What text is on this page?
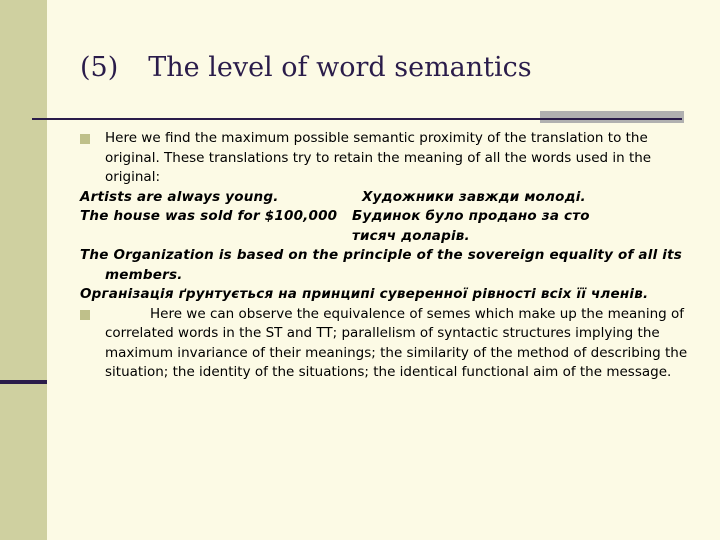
(5) The level of word semantics
Here we find the maximum possible semantic proximity of the translation to the original. These translations try to retain the meaning of all the words used in the original:
Artists are always young.	Художники завжди молоді.
The house was sold for $100,000 Будинок було продано за сто
тисяч доларів.
The Organization is based on the principle of the sovereign equality of all its members.
Організація ґрунтується на принципі суверенної рівності всіх її членів.
Here we can observe the equivalence of semes which make up the meaning of correlated words in the ST and TT; parallelism of syntactic structures implying the maximum invariance of their meanings; the similarity of the method of describing the situation; the identity of the situations; the identical functional aim of the message.
